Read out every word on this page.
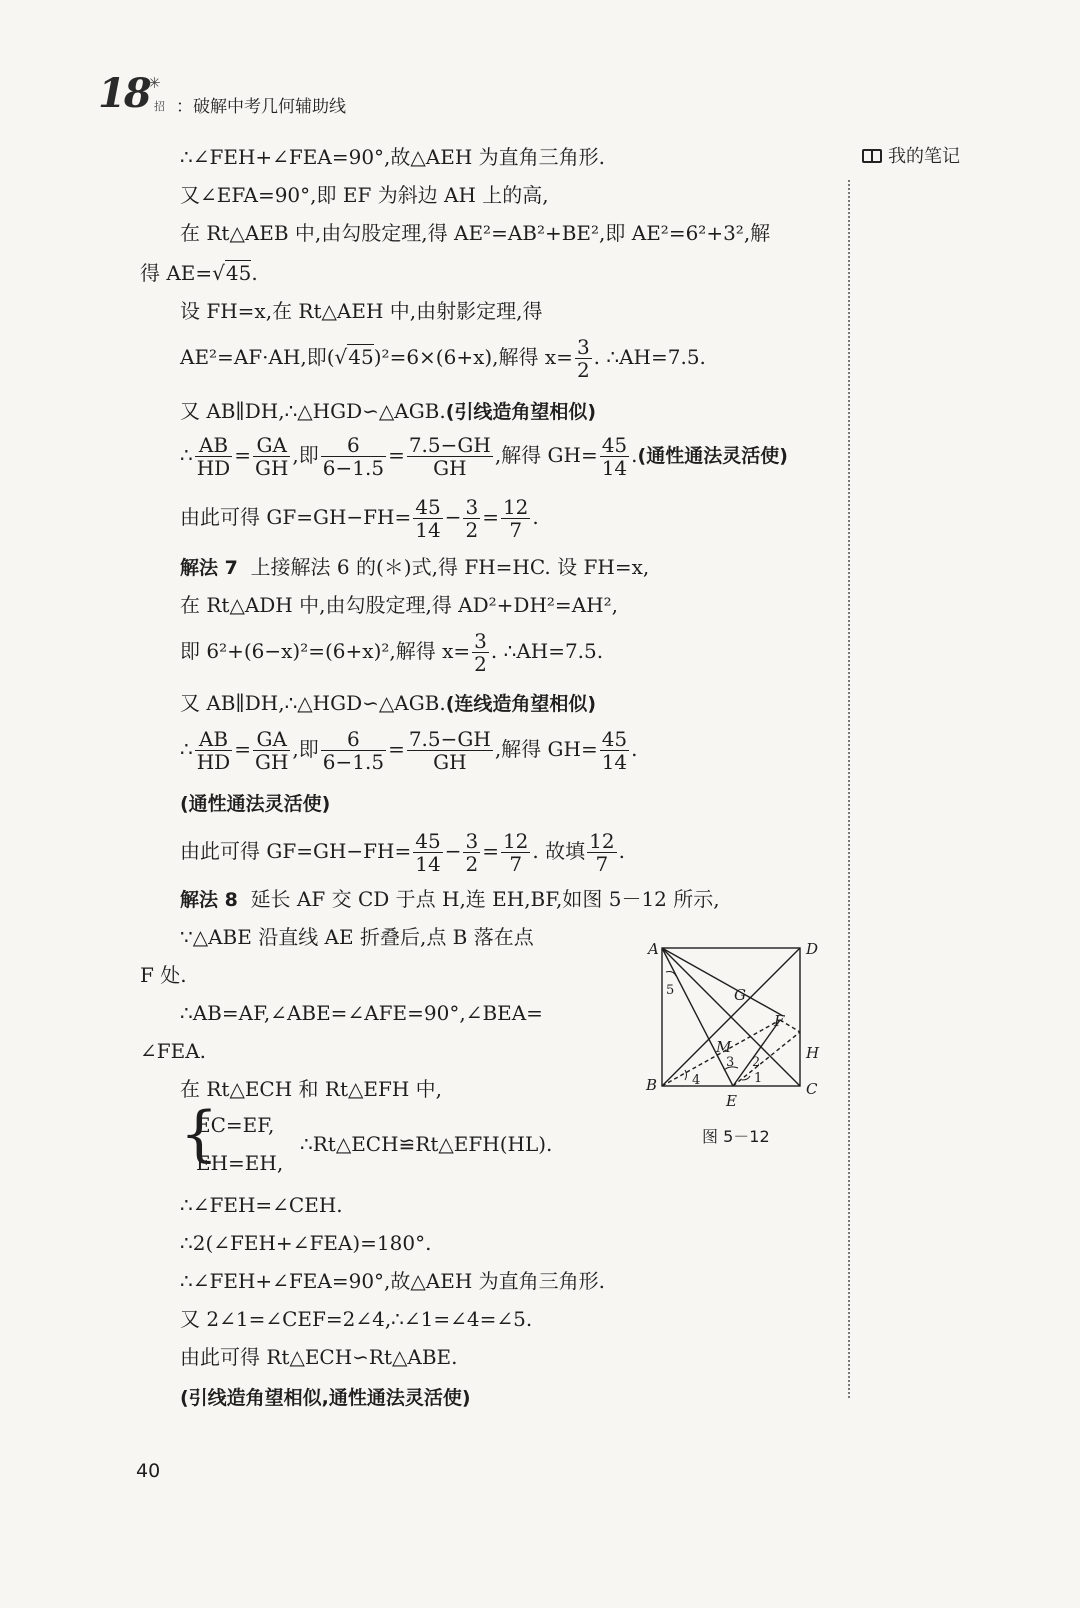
18
✳
招 ：破解中考几何辅助线
我的笔记
∴∠FEH+∠FEA=90°,故△AEH 为直角三角形.
又∠EFA=90°,即 EF 为斜边 AH 上的高,
在 Rt△AEB 中,由勾股定理,得 AE²=AB²+BE²,即 AE²=6²+3²,解
得 AE=√45.
设 FH=x,在 Rt△AEH 中,由射影定理,得
AE²=AF·AH,即(√45)²=6×(6+x),解得 $x= \frac{3}{2}$ . ∴AH=7.5.
又 AB∥DH,∴△HGD∽△AGB.(引线造角望相似)
∴ $\frac{AB}{HD} = \frac{GA}{GH}$ ,即 $\frac{6}{6-1.5} = \frac{7.5-GH}{GH}$ ,解得 $GH= \frac{45}{14}$ .(通性通法灵活使)
由此可得 $GF=GH-FH= \frac{45}{14} - \frac{3}{2} = \frac{12}{7}$ .
解法 7 上接解法 6 的(＊)式,得 FH=HC. 设 FH=x,
在 Rt△ADH 中,由勾股定理,得 AD²+DH²=AH²,
即 6²+(6−x)²=(6+x)²,解得 $x= \frac{3}{2}$ . ∴AH=7.5.
又 AB∥DH,∴△HGD∽△AGB.(连线造角望相似)
∴ $\frac{AB}{HD} = \frac{GA}{GH}$ ,即 $\frac{6}{6-1.5} = \frac{7.5-GH}{GH}$ ,解得 $GH= \frac{45}{14}$ .
(通性通法灵活使)
由此可得 $GF=GH-FH= \frac{45}{14} - \frac{3}{2} = \frac{12}{7}$ . 故填 $\frac{12}{7}$ .
解法 8 延长 AF 交 CD 于点 H,连 EH,BF,如图 5－12 所示,
∵△ABE 沿直线 AE 折叠后,点 B 落在点
F 处.
∴AB=AF,∠ABE=∠AFE=90°,∠BEA=
∠FEA.
在 Rt△ECH 和 Rt△EFH 中,
{
EC=EF,
EH=EH,
∴Rt△ECH≌Rt△EFH(HL).
∴∠FEH=∠CEH.
∴2(∠FEH+∠FEA)=180°.
∴∠FEH+∠FEA=90°,故△AEH 为直角三角形.
又 2∠1=∠CEF=2∠4,∴∠1=∠4=∠5.
由此可得 Rt△ECH∽Rt△ABE.
(引线造角望相似,通性通法灵活使)
A	D
B	C
E
F
G
H
M
1
2
3
4
5
图 5－12
40
